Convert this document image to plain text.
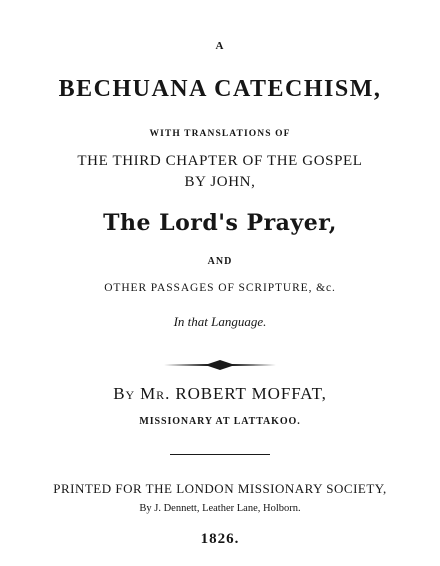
A
BECHUANA CATECHISM,
WITH TRANSLATIONS OF
THE THIRD CHAPTER OF THE GOSPEL
BY JOHN,
The Lord's Prayer,
AND
OTHER PASSAGES OF SCRIPTURE, &c.
In that Language.
By Mr. ROBERT MOFFAT,
MISSIONARY AT LATTAKOO.
PRINTED FOR THE LONDON MISSIONARY SOCIETY,
By J. Dennett, Leather Lane, Holborn.
1826.
